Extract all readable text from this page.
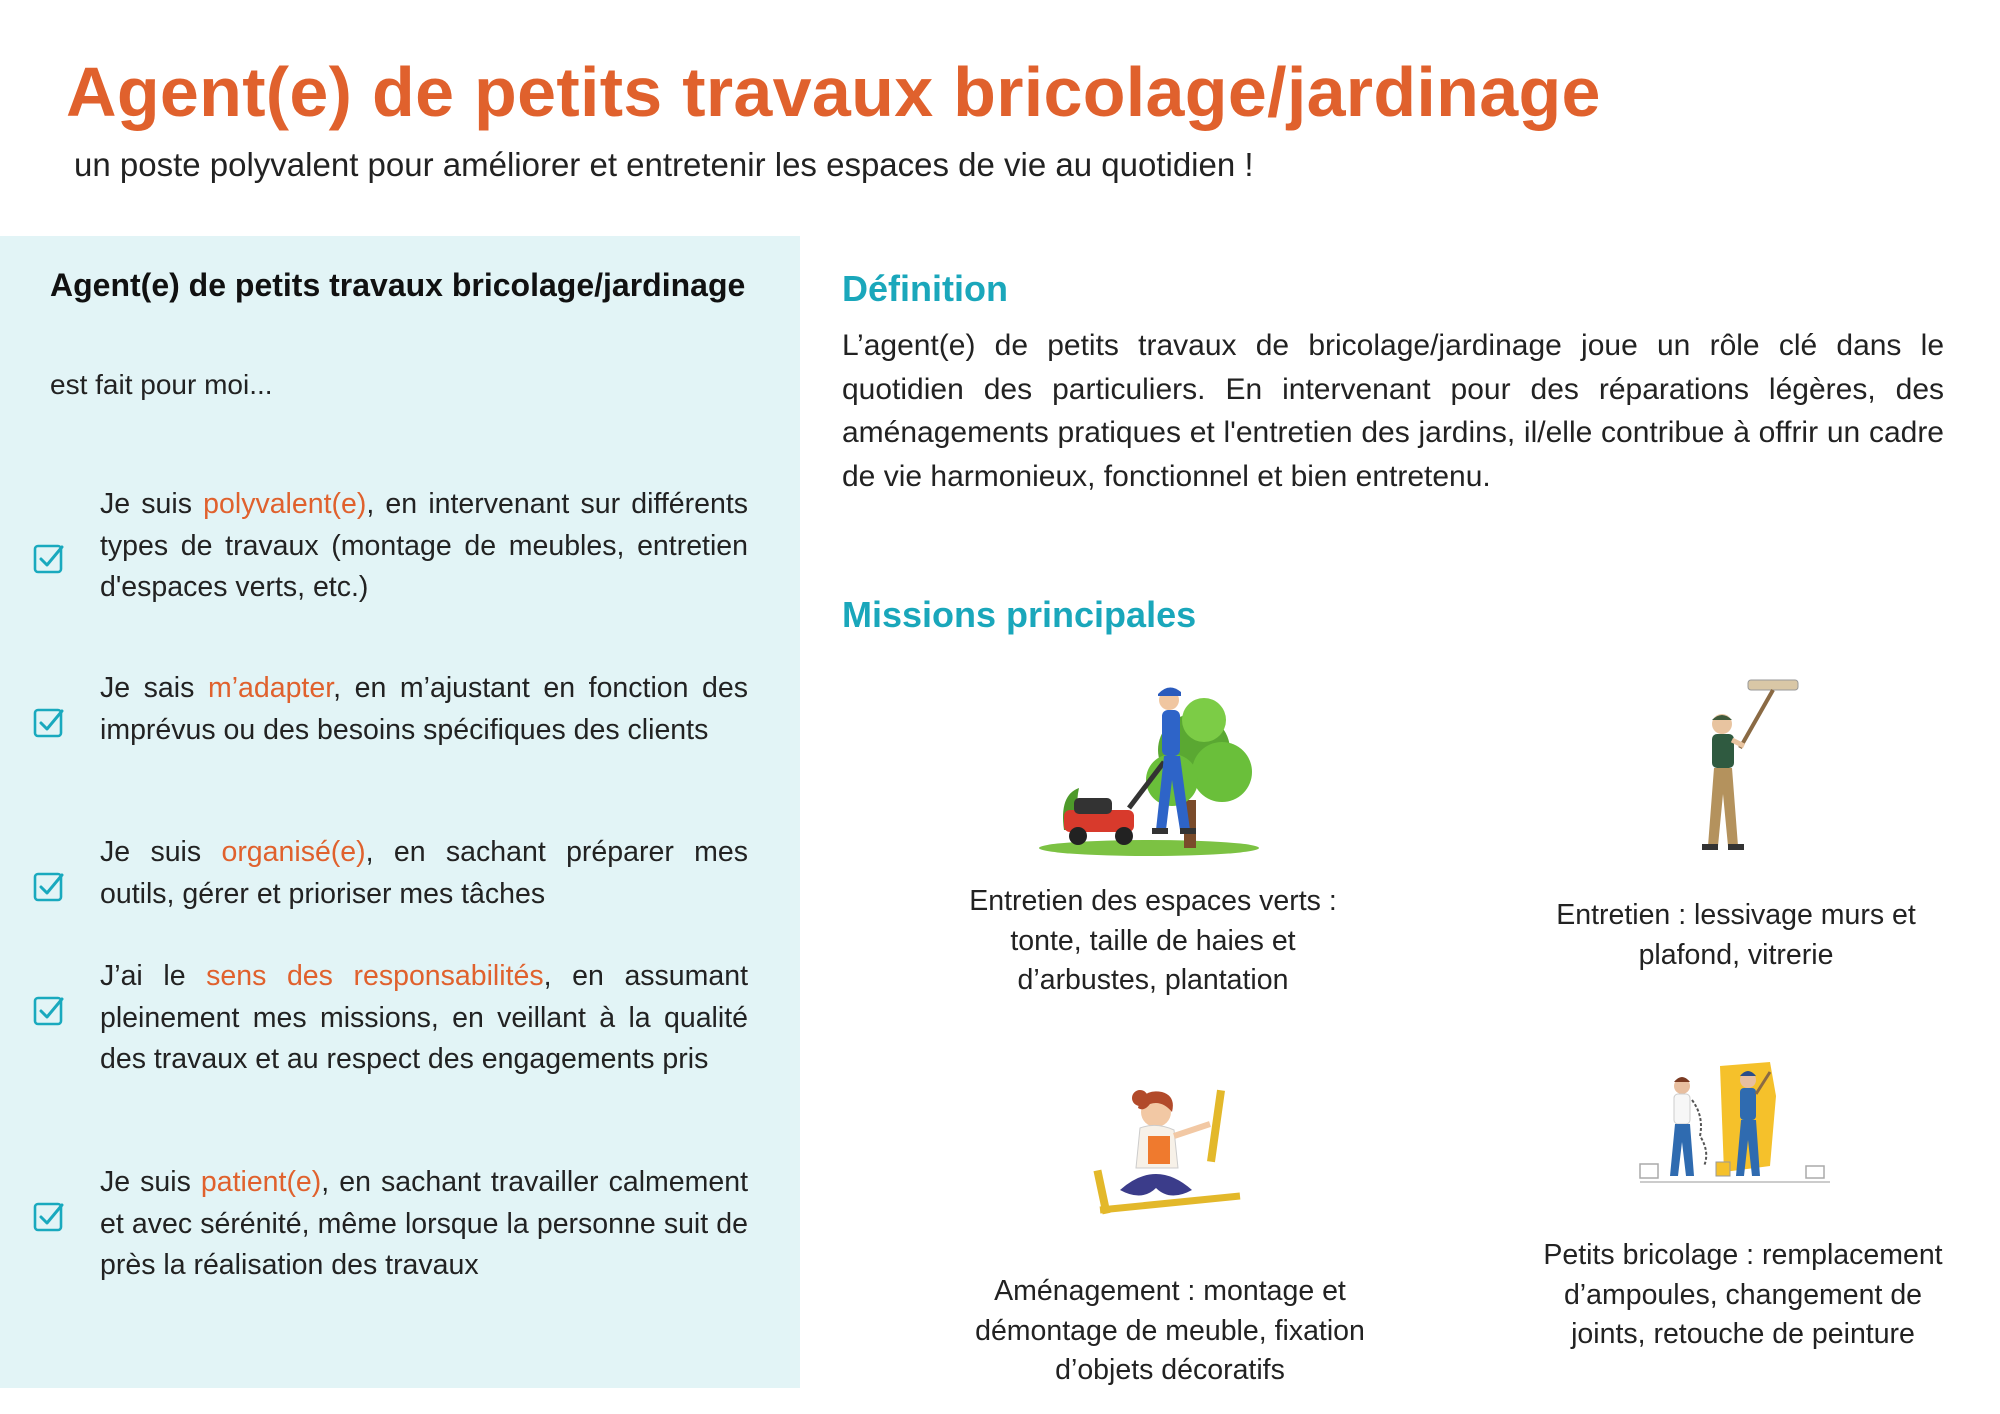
Agent(e) de petits travaux bricolage/jardinage
un poste polyvalent pour améliorer et entretenir les espaces de vie au quotidien !
Agent(e) de petits travaux bricolage/jardinage
est fait pour moi...
Je suis polyvalent(e), en intervenant sur différents types de travaux (montage de meubles, entretien d'espaces verts, etc.)
Je sais m’adapter, en m’ajustant en fonction des imprévus ou des besoins spécifiques des clients
Je suis organisé(e), en sachant préparer mes outils, gérer et prioriser mes tâches
J’ai le sens des responsabilités, en assumant pleinement mes missions, en veillant à la qualité des travaux et au respect des engagements pris
Je suis patient(e), en sachant travailler calmement et avec sérénité, même lorsque la personne suit de près la réalisation des travaux
Définition
L’agent(e) de petits travaux de bricolage/jardinage joue un rôle clé dans le quotidien des particuliers. En intervenant pour des réparations légères, des aménagements pratiques et l'entretien des jardins, il/elle contribue à offrir un cadre de vie harmonieux, fonctionnel et bien entretenu.
Missions principales
Entretien des espaces verts : tonte, taille de haies et d’arbustes, plantation
Entretien : lessivage murs et plafond, vitrerie
Aménagement : montage et démontage de meuble, fixation d’objets décoratifs
Petits bricolage : remplacement d’ampoules, changement de joints, retouche de peinture
